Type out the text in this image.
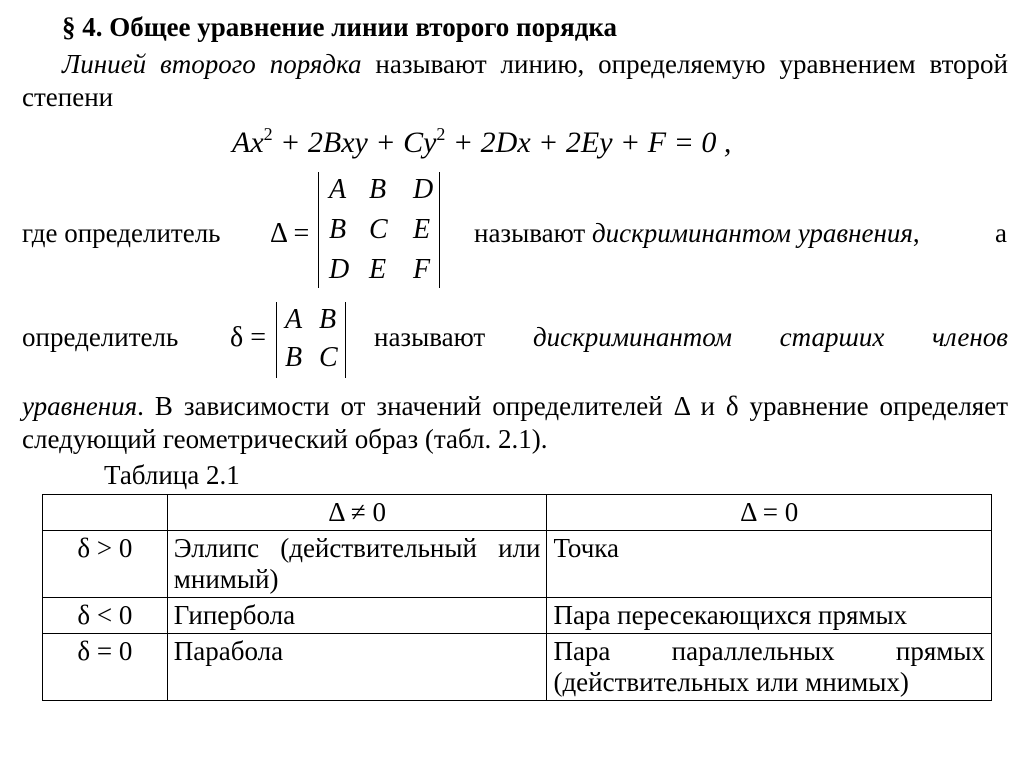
§ 4. Общее уравнение линии второго порядка
Линией второго порядка называют линию, определяемую уравнением второй степени
$Ax^2 + 2Bxy + Cy^2 + 2Dx + 2Ey + F = 0$ ,
где определитель Δ =	называют дискриминантом уравнения,	а
A B D
B C E
D E F
определитель δ =	называют дискриминантом старших членов
A B
B C
уравнения. В зависимости от значений определителей Δ и δ уравнение определяет следующий геометрический образ (табл. 2.1).
Таблица 2.1
	Δ ≠ 0	Δ = 0
δ > 0	Эллипс (действительный или мнимый)	Точка
δ < 0	Гипербола	Пара пересекающихся прямых
δ = 0	Парабола	Пара параллельных прямых (действительных или мнимых)
